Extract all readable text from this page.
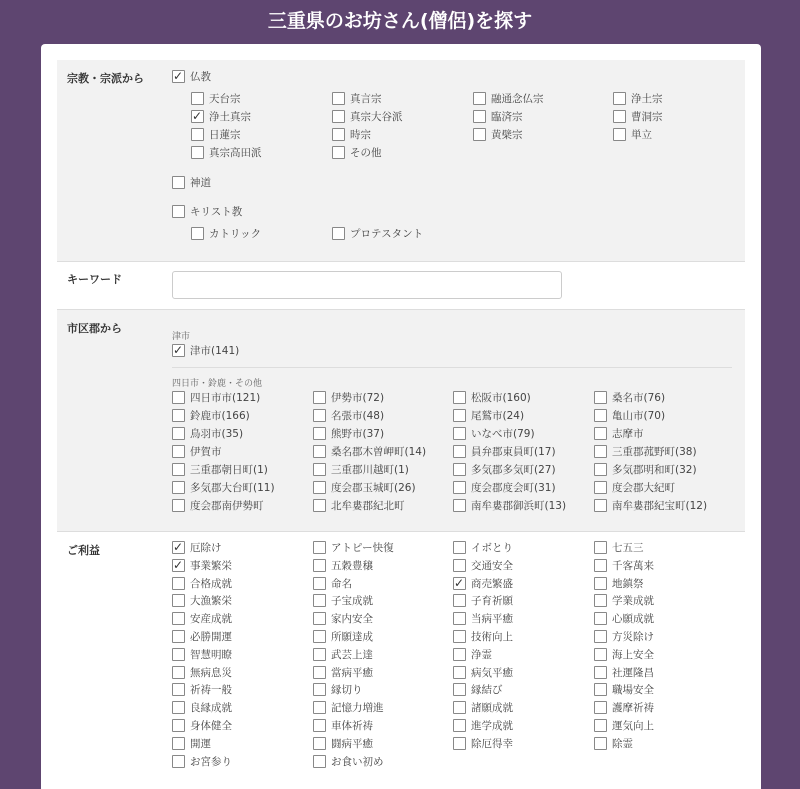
三重県のお坊さん(僧侶)を探す
宗教・宗派から ✓	仏教
天台宗	真言宗	融通念仏宗	浄土宗
✓
浄土真宗	真宗大谷派	臨済宗	曹洞宗
日蓮宗	時宗	黄檗宗	単立
真宗高田派	その他
神道
キリスト教
カトリック	プロテスタント
キーワード
市区郡から
津市
✓
津市(141)
四日市・鈴鹿・その他
四日市市(121)	伊勢市(72)	松阪市(160)	桑名市(76)
鈴鹿市(166)	名張市(48)	尾鷲市(24)	亀山市(70)
鳥羽市(35)	熊野市(37)	いなべ市(79)	志摩市
伊賀市	桑名郡木曽岬町(14)	員弁郡東員町(17)	三重郡菰野町(38)
三重郡朝日町(1)	三重郡川越町(1)	多気郡多気町(27)	多気郡明和町(32)
多気郡大台町(11)	度会郡玉城町(26)	度会郡度会町(31)	度会郡大紀町
度会郡南伊勢町	北牟婁郡紀北町	南牟婁郡御浜町(13)	南牟婁郡紀宝町(12)
ご利益 ✓	厄除け	アトピー快復	イボとり	七五三
✓
事業繁栄	五穀豊穣	交通安全	千客萬来
合格成就	命名 ✓	商売繁盛	地鎮祭
大漁繁栄	子宝成就	子育祈願	学業成就
安産成就	家内安全	当病平癒	心願成就
必勝開運	所願達成	技術向上	方災除け
智慧明瞭	武芸上達	浄霊	海上安全
無病息災	當病平癒	病気平癒	社運隆昌
祈祷一般	縁切り	縁結び	職場安全
良縁成就	記憶力増進	諸願成就	護摩祈祷
身体健全	車体祈祷	進学成就	運気向上
開運	闘病平癒	除厄得幸	除霊
お宮参り	お食い初め
